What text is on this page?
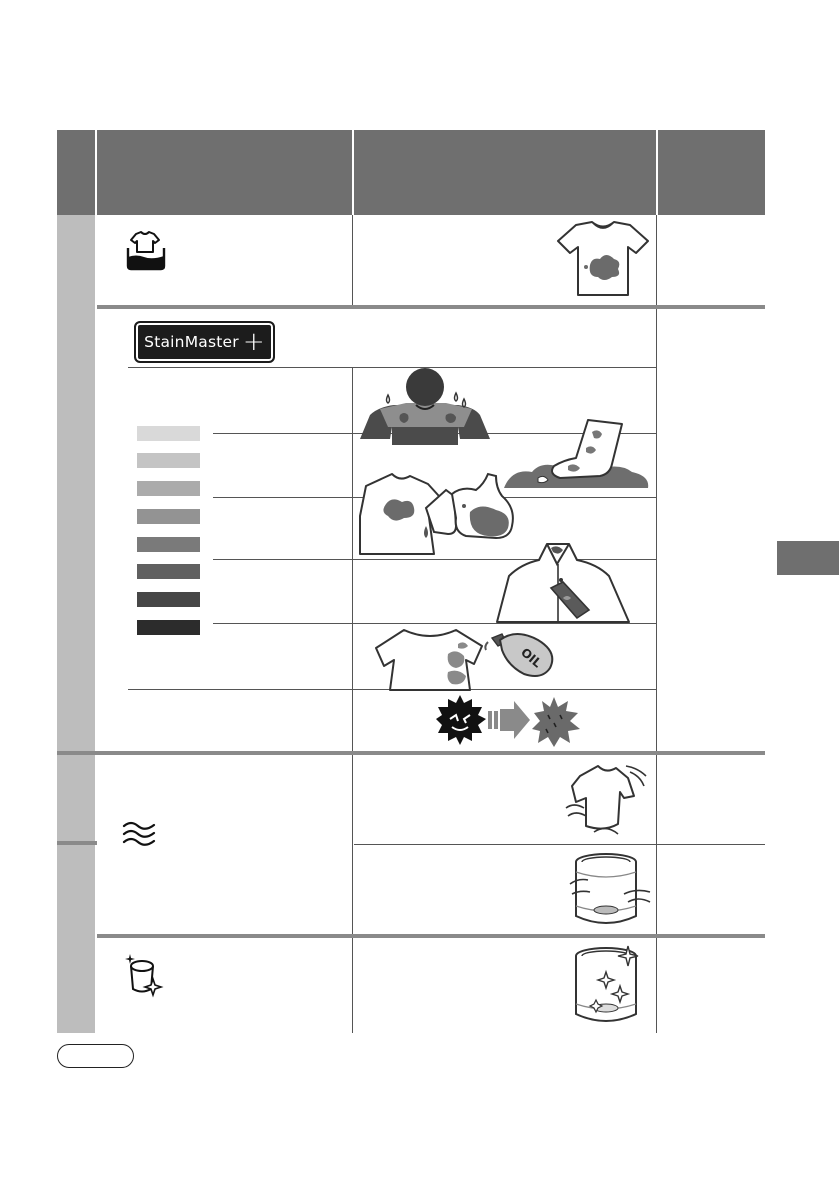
StainMaster +
OIL
